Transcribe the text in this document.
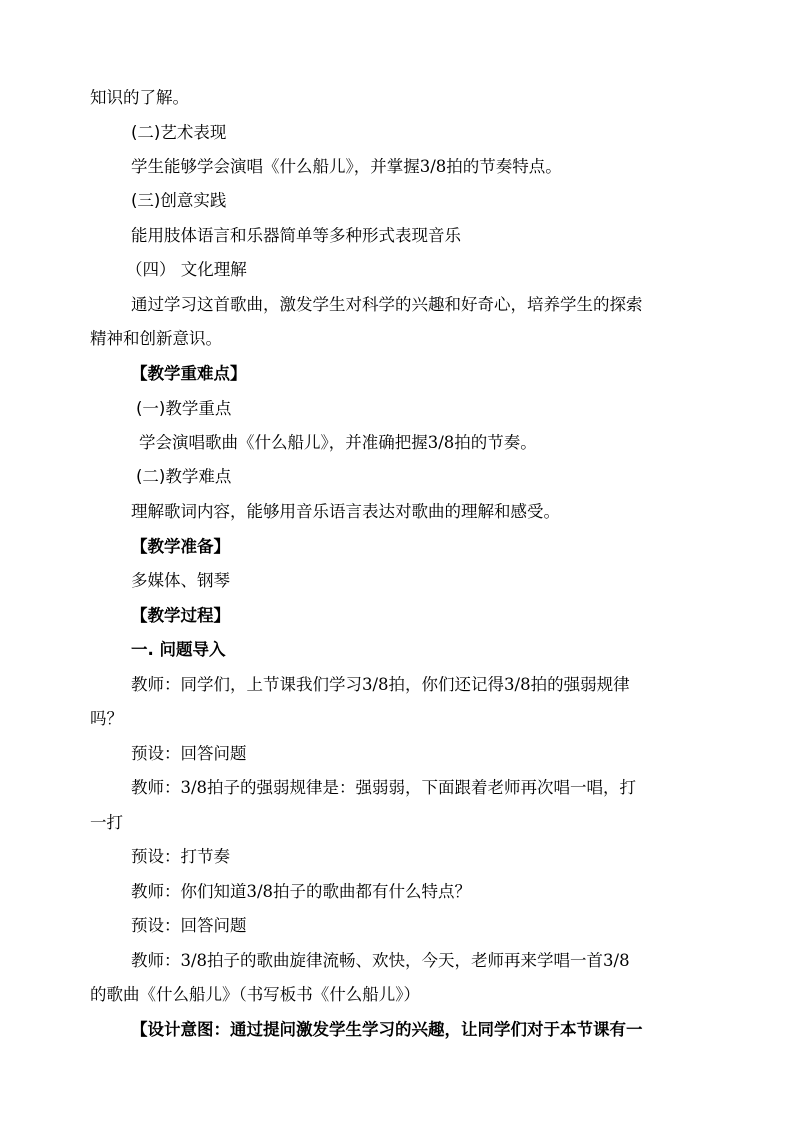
知识的了解。
(二)艺术表现
学生能够学会演唱《什么船儿》，并掌握3/8拍的节奏特点。
(三)创意实践
能用肢体语言和乐器简单等多种形式表现音乐
（四） 文化理解
通过学习这首歌曲，激发学生对科学的兴趣和好奇心，培养学生的探索
精神和创新意识。
【教学重难点】
(一)教学重点
学会演唱歌曲《什么船儿》，并准确把握3/8拍的节奏。
(二)教学难点
理解歌词内容，能够用音乐语言表达对歌曲的理解和感受。
【教学准备】
多媒体、钢琴
【教学过程】
一. 问题导入
教师：同学们，上节课我们学习3/8拍，你们还记得3/8拍的强弱规律
吗？
预设：回答问题
教师：3/8拍子的强弱规律是：强弱弱，下面跟着老师再次唱一唱，打
一打
预设：打节奏
教师：你们知道3/8拍子的歌曲都有什么特点？
预设：回答问题
教师：3/8拍子的歌曲旋律流畅、欢快，今天，老师再来学唱一首3/8
的歌曲《什么船儿》（书写板书《什么船儿》）
【设计意图：通过提问激发学生学习的兴趣，让同学们对于本节课有一
